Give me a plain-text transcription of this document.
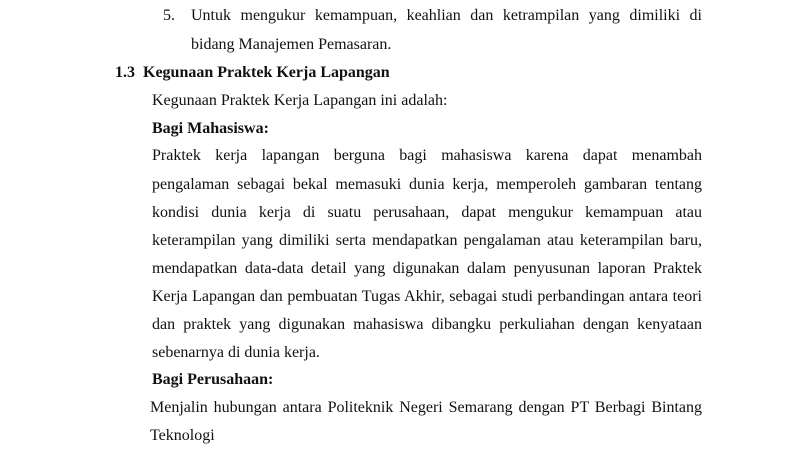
5. Untuk mengukur kemampuan, keahlian dan ketrampilan yang dimiliki di
bidang Manajemen Pemasaran.
1.3 Kegunaan Praktek Kerja Lapangan
Kegunaan Praktek Kerja Lapangan ini adalah:
Bagi Mahasiswa:
Praktek kerja lapangan berguna bagi mahasiswa karena dapat menambah
pengalaman sebagai bekal memasuki dunia kerja, memperoleh gambaran tentang
kondisi dunia kerja di suatu perusahaan, dapat mengukur kemampuan atau
keterampilan yang dimiliki serta mendapatkan pengalaman atau keterampilan baru,
mendapatkan data-data detail yang digunakan dalam penyusunan laporan Praktek
Kerja Lapangan dan pembuatan Tugas Akhir, sebagai studi perbandingan antara teori
dan praktek yang digunakan mahasiswa dibangku perkuliahan dengan kenyataan
sebenarnya di dunia kerja.
Bagi Perusahaan:
Menjalin hubungan antara Politeknik Negeri Semarang dengan PT Berbagi Bintang
Teknologi
